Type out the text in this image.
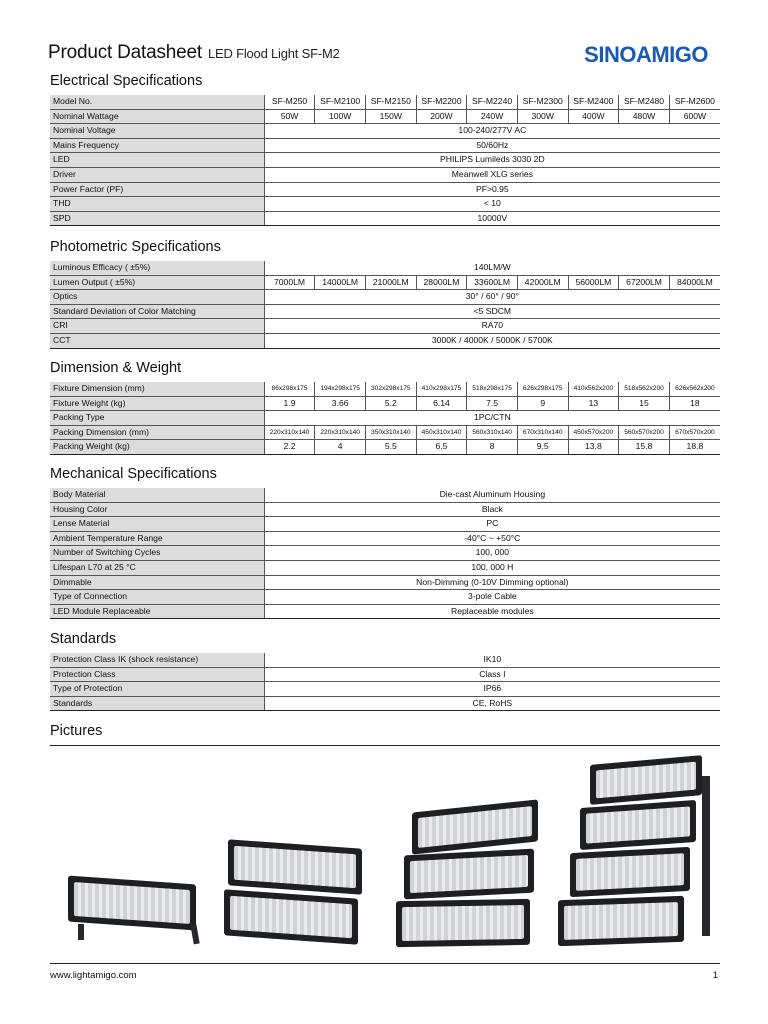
Product Datasheet LED Flood Light SF-M2	SINOAMIGO
Electrical Specifications
Model No.	SF-M250	SF-M2100	SF-M2150	SF-M2200	SF-M2240	SF-M2300	SF-M2400	SF-M2480	SF-M2600
Nominal Wattage	50W	100W	150W	200W	240W	300W	400W	480W	600W
Nominal Voltage	100-240/277V AC								
Mains Frequency	50/60Hz								
LED	PHILIPS Lumileds 3030 2D								
Driver	Meanwell XLG series								
Power Factor (PF)	PF>0.95								
THD	< 10								
SPD	10000V								
Photometric Specifications
Luminous Efficacy ( ±5%)	140LM/W								
Lumen Output ( ±5%)	7000LM	14000LM	21000LM	28000LM	33600LM	42000LM	56000LM	67200LM	84000LM
Optics	30° / 60° / 90°								
Standard Deviation of Color Matching	<5 SDCM								
CRI	RA70								
CCT	3000K / 4000K / 5000K / 5700K								
Dimension & Weight
Fixture Dimension (mm)	86x298x175	194x298x175	302x298x175	410x298x175	518x298x175	626x298x175	410x562x200	518x562x200	626x562x200
Fixture Weight (kg)	1.9	3.66	5.2	6.14	7.5	9	13	15	18
Packing Type	1PC/CTN								
Packing Dimension (mm)	220x310x140	220x310x140	350x310x140	450x310x140	560x310x140	670x310x140	450x570x200	560x570x200	670x570x200
Packing Weight (kg)	2.2	4	5.5	6.5	8	9.5	13.8	15.8	18.8
Mechanical Specifications
Body Material	Die-cast Aluminum Housing
Housing Color	Black
Lense Material	PC
Ambient Temperature Range	-40°C ~ +50°C
Number of Switching Cycles	100, 000
Lifespan L70 at 25 °C	100, 000 H
Dimmable	Non-Dimming (0-10V Dimming optional)
Type of Connection	3-pole Cable
LED Module Replaceable	Replaceable modules
Standards
Protection Class IK (shock resistance)	IK10
Protection Class	Class I
Type of Protection	IP66
Standards	CE, RoHS
Pictures
www.lightamigo.com	1
